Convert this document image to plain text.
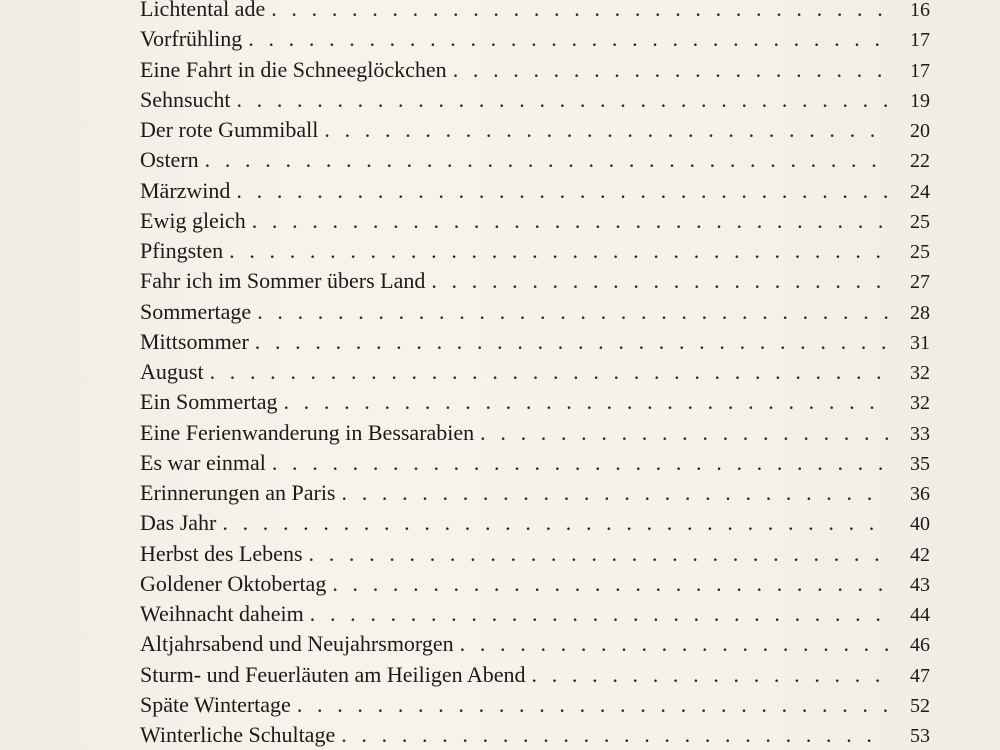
Lichtental ade . . .	16
Vorfrühling . . .	17
Eine Fahrt in die Schneeglöckchen . . .	17
Sehnsucht . . .	19
Der rote Gummiball . . .	20
Ostern . . .	22
Märzwind . . .	24
Ewig gleich . . .	25
Pfingsten . . .	25
Fahr ich im Sommer übers Land . . .	27
Sommertage . . .	28
Mittsommer . . .	31
August . . .	32
Ein Sommertag . . .	32
Eine Ferienwanderung in Bessarabien . . .	33
Es war einmal . . .	35
Erinnerungen an Paris . . .	36
Das Jahr . . .	40
Herbst des Lebens . . .	42
Goldener Oktobertag . . .	43
Weihnacht daheim . . .	44
Altjahrsabend und Neujahrsmorgen . . .	46
Sturm- und Feuerläuten am Heiligen Abend . . .	47
Späte Wintertage . . .	52
Winterliche Schultage . . .	53
